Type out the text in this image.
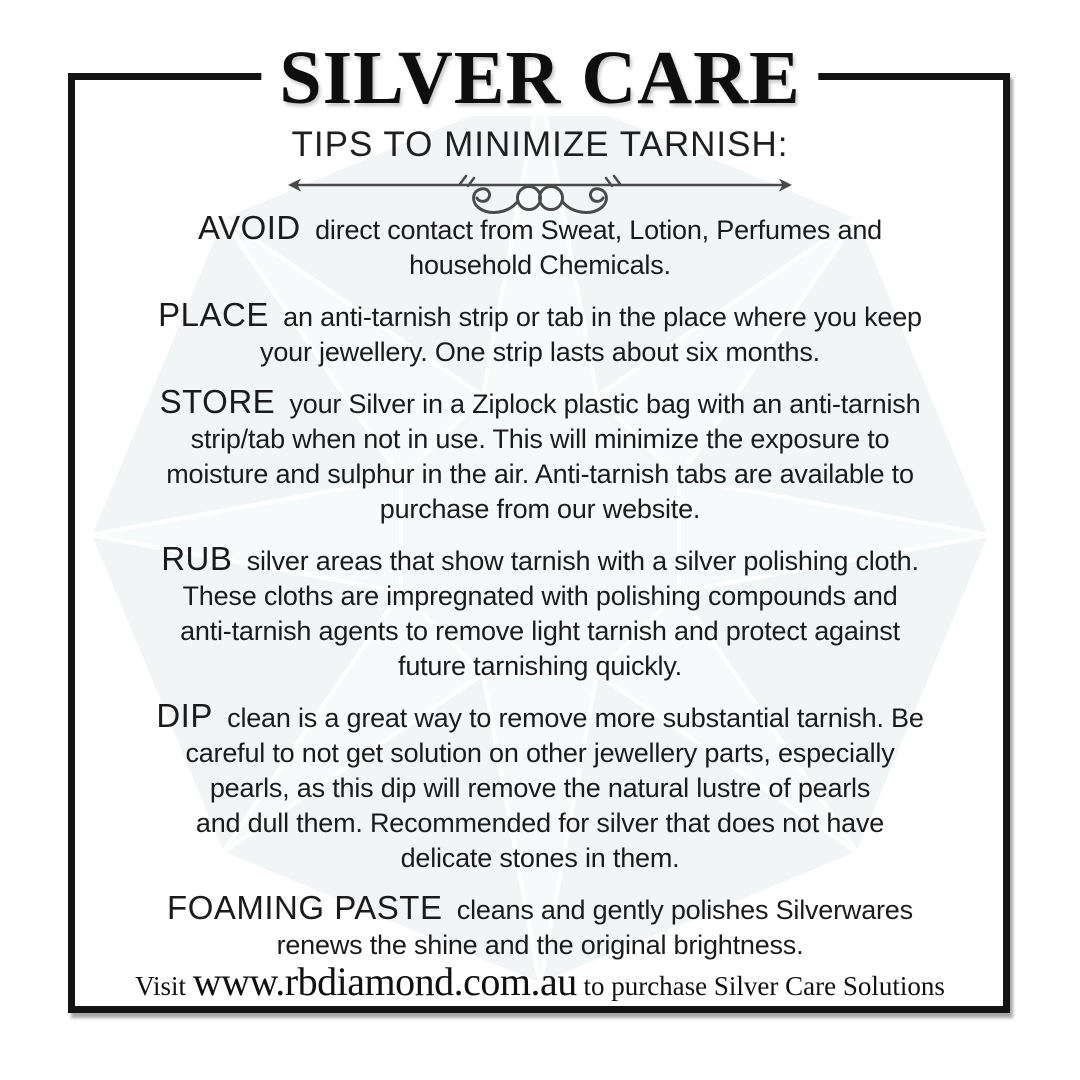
SILVER CARE
TIPS TO MINIMIZE TARNISH:

AVOID direct contact from Sweat, Lotion, Perfumes and
household Chemicals.

PLACE an anti-tarnish strip or tab in the place where you keep
your jewellery. One strip lasts about six months.

STORE your Silver in a Ziplock plastic bag with an anti-tarnish
strip/tab when not in use. This will minimize the exposure to
moisture and sulphur in the air. Anti-tarnish tabs are available to
purchase from our website.

RUB silver areas that show tarnish with a silver polishing cloth.
These cloths are impregnated with polishing compounds and
anti-tarnish agents to remove light tarnish and protect against
future tarnishing quickly.

DIP clean is a great way to remove more substantial tarnish. Be
careful to not get solution on other jewellery parts, especially
pearls, as this dip will remove the natural lustre of pearls
and dull them. Recommended for silver that does not have
delicate stones in them.

FOAMING PASTE cleans and gently polishes Silverwares
renews the shine and the original brightness.

Visit www.rbdiamond.com.au to purchase Silver Care Solutions
